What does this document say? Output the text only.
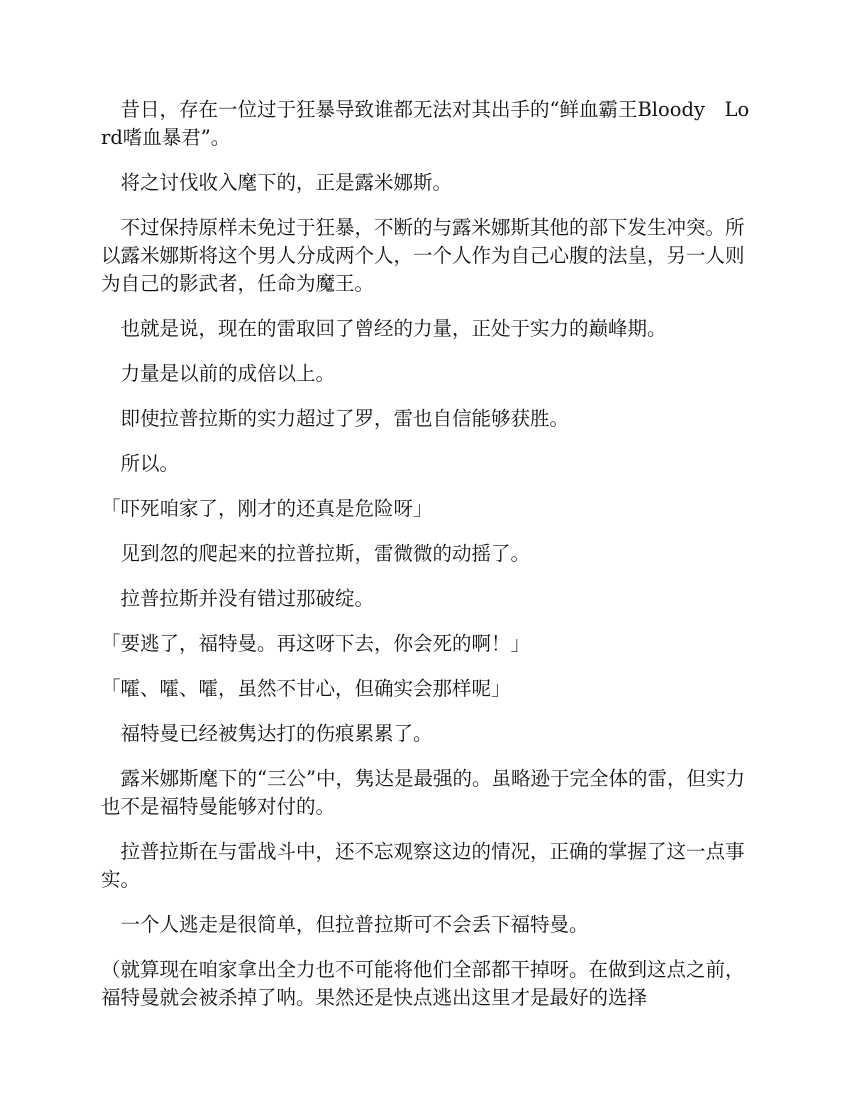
　昔日，存在一位过于狂暴导致谁都无法对其出手的“鲜血霸王Bloody　Lord嗜血暴君”。

　将之讨伐收入麾下的，正是露米娜斯。

　不过保持原样未免过于狂暴，不断的与露米娜斯其他的部下发生冲突。所以露米娜斯将这个男人分成两个人，一个人作为自己心腹的法皇，另一人则为自己的影武者，任命为魔王。

　也就是说，现在的雷取回了曾经的力量，正处于实力的巅峰期。

　力量是以前的成倍以上。

　即使拉普拉斯的实力超过了罗，雷也自信能够获胜。

　所以。

「吓死咱家了，刚才的还真是危险呀」

　见到忽的爬起来的拉普拉斯，雷微微的动摇了。

　拉普拉斯并没有错过那破绽。

「要逃了，福特曼。再这呀下去，你会死的啊！」

「嚯、嚯、嚯，虽然不甘心，但确实会那样呢」

　福特曼已经被隽达打的伤痕累累了。

　露米娜斯麾下的“三公”中，隽达是最强的。虽略逊于完全体的雷，但实力也不是福特曼能够对付的。

　拉普拉斯在与雷战斗中，还不忘观察这边的情况，正确的掌握了这一点事实。

　一个人逃走是很简单，但拉普拉斯可不会丢下福特曼。

（就算现在咱家拿出全力也不可能将他们全部都干掉呀。在做到这点之前，福特曼就会被杀掉了呐。果然还是快点逃出这里才是最好的选择
